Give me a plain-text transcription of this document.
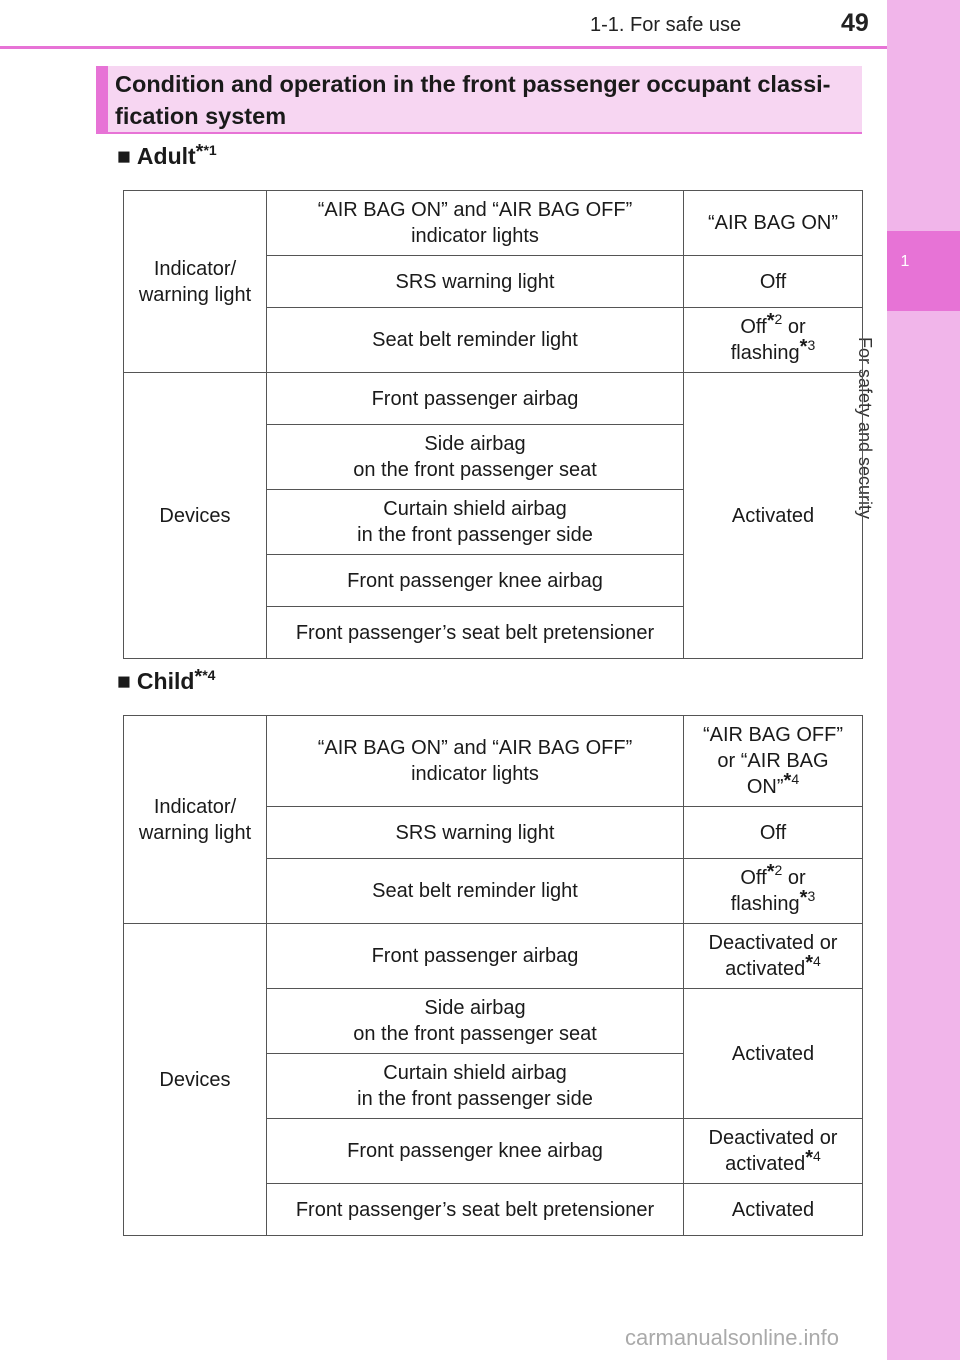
1-1. For safe use	49
1
For safety and security
Condition and operation in the front passenger occupant classi-
fication system
■ Adult*$^{*1}$
Indicator/
warning light	“AIR BAG ON” and “AIR BAG OFF”
indicator lights	“AIR BAG ON”
	SRS warning light	Off
	Seat belt reminder light	Off*$^2$ or
flashing*$^3$
Devices	Front passenger airbag	Activated
	Side airbag
on the front passenger seat	
	Curtain shield airbag
in the front passenger side	
	Front passenger knee airbag	
	Front passenger’s seat belt pretensioner	
■ Child*$^{*4}$
Indicator/
warning light	“AIR BAG ON” and “AIR BAG OFF”
indicator lights	“AIR BAG OFF”
or “AIR BAG
ON”*$^4$
	SRS warning light	Off
	Seat belt reminder light	Off*$^2$ or
flashing*$^3$
Devices	Front passenger airbag	Deactivated or
activated*$^4$
	Side airbag
on the front passenger seat	Activated
	Curtain shield airbag
in the front passenger side	
	Front passenger knee airbag	Deactivated or
activated*$^4$
	Front passenger’s seat belt pretensioner	Activated
carmanualsonline.info
